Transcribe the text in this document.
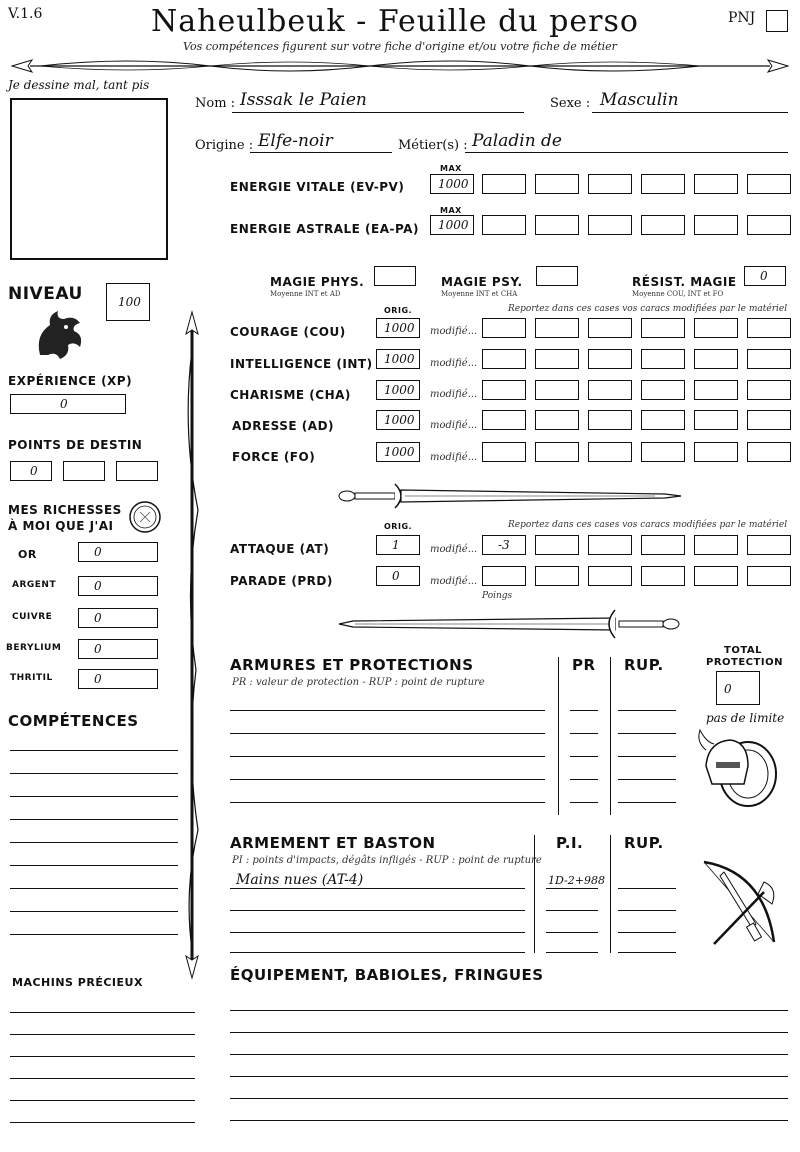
V.1.6	Naheulbeuk - Feuille du perso	PNJ
Vos compétences figurent sur votre fiche d'origine et/ou votre fiche de métier
Je dessine mal, tant pis
NIVEAU	100
EXPÉRIENCE (XP)
0
POINTS DE DESTIN
0
MES RICHESSES
À MOI QUE J'AI
OR	0
ARGENT	0
CUIVRE	0
BERYLIUM	0
THRITIL	0
COMPÉTENCES
MACHINS PRÉCIEUX
Nom : Isssak le Paien	Sexe : Masculin
Origine : Elfe-noir	Métier(s) : Paladin de
MAX
ENERGIE VITALE (EV-PV)	1000
MAX
ENERGIE ASTRALE (EA-PA) 1000
MAGIE PHYS.
Moyenne INT et AD
MAGIE PSY.
Moyenne INT et CHA
RÉSIST. MAGIE
Moyenne COU, INT et FO
0
ORIG.	Reportez dans ces cases vos caracs modifiées par le matériel
COURAGE (COU)	1000 modifié...
INTELLIGENCE (INT) 1000 modifié...
CHARISME (CHA)	1000 modifié...
ADRESSE (AD)	1000 modifié...
FORCE (FO)	1000 modifié...
ORIG.	Reportez dans ces cases vos caracs modifiées par le matériel
ATTAQUE (AT)	1	modifié... -3
PARADE (PRD)	0	modifié...
Poings
ARMURES ET PROTECTIONS
PR : valeur de protection - RUP : point de rupture
PR RUP.
TOTAL
PROTECTION
0
pas de limite
ARMEMENT ET BASTON
PI : points d'impacts, dégâts infligés - RUP : point de rupture
P.I.	RUP.
Mains nues (AT-4)	1D-2+988
ÉQUIPEMENT, BABIOLES, FRINGUES
